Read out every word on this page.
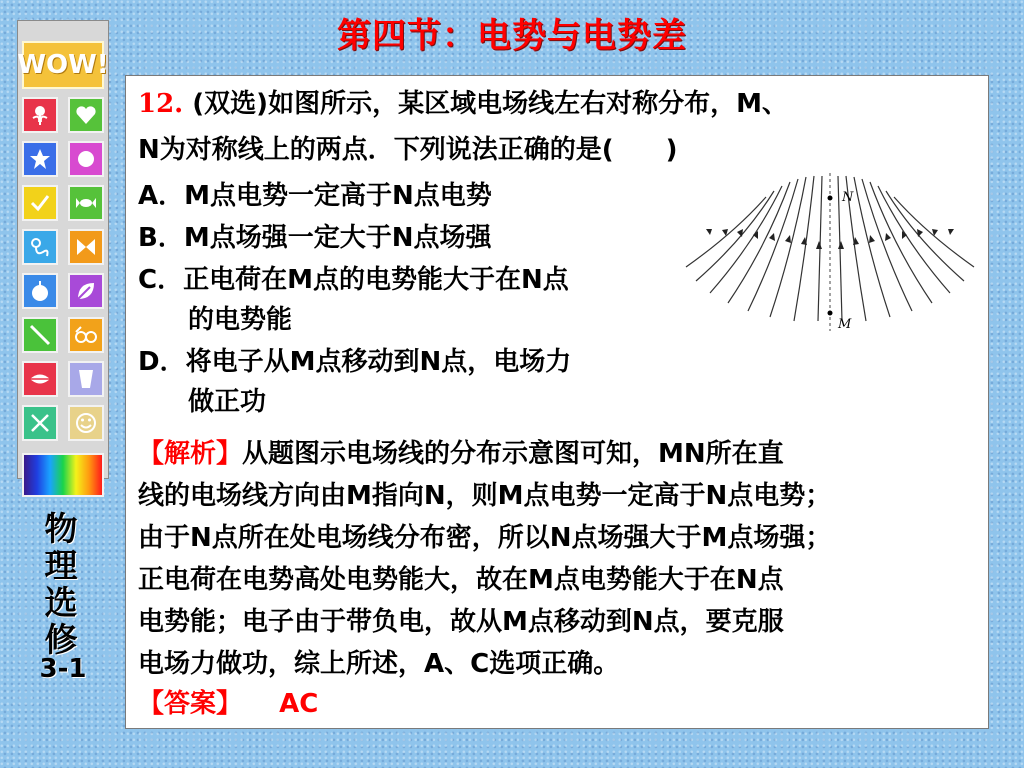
第四节：电势与电势差
WOW!
物理选修
3-1
12. (双选)如图所示，某区域电场线左右对称分布，M、
N为对称线上的两点．下列说法正确的是(　　)
A．M点电势一定高于N点电势
B．M点场强一定大于N点场强
C．正电荷在M点的电势能大于在N点
的电势能
D．将电子从M点移动到N点，电场力
做正功
N
M
【解析】从题图示电场线的分布示意图可知，MN所在直
线的电场线方向由M指向N，则M点电势一定高于N点电势；
由于N点所在处电场线分布密，所以N点场强大于M点场强；
正电荷在电势高处电势能大，故在M点电势能大于在N点
电势能；电子由于带负电，故从M点移动到N点，要克服
电场力做功，综上所述，A、C选项正确。
【答案】 AC
